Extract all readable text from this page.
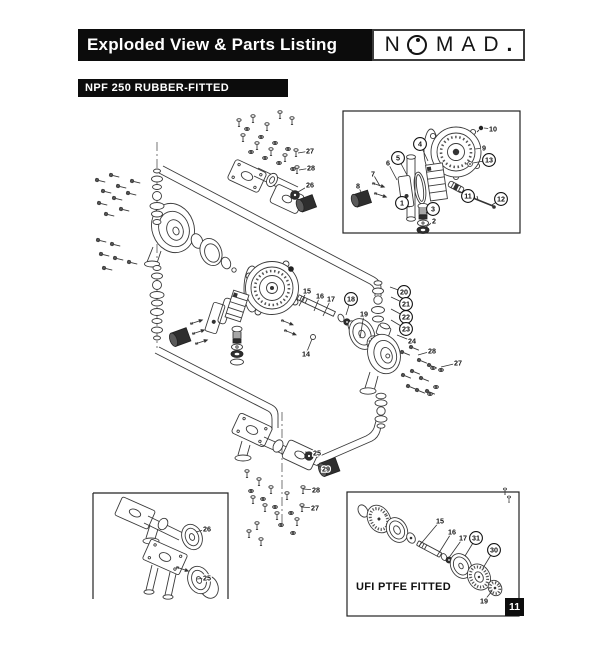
Exploded View & Parts Listing N MAD .
NPF 250 RUBBER-FITTED
27
28
26
15
16 17 18
19
14
20
21
22
23
24
28
27
25
29
28
27
10
9
13
4
5
6
7
8
1
3
2
11	12
26
25
15
16
17 31
30
19
UFI PTFE FITTED
11
